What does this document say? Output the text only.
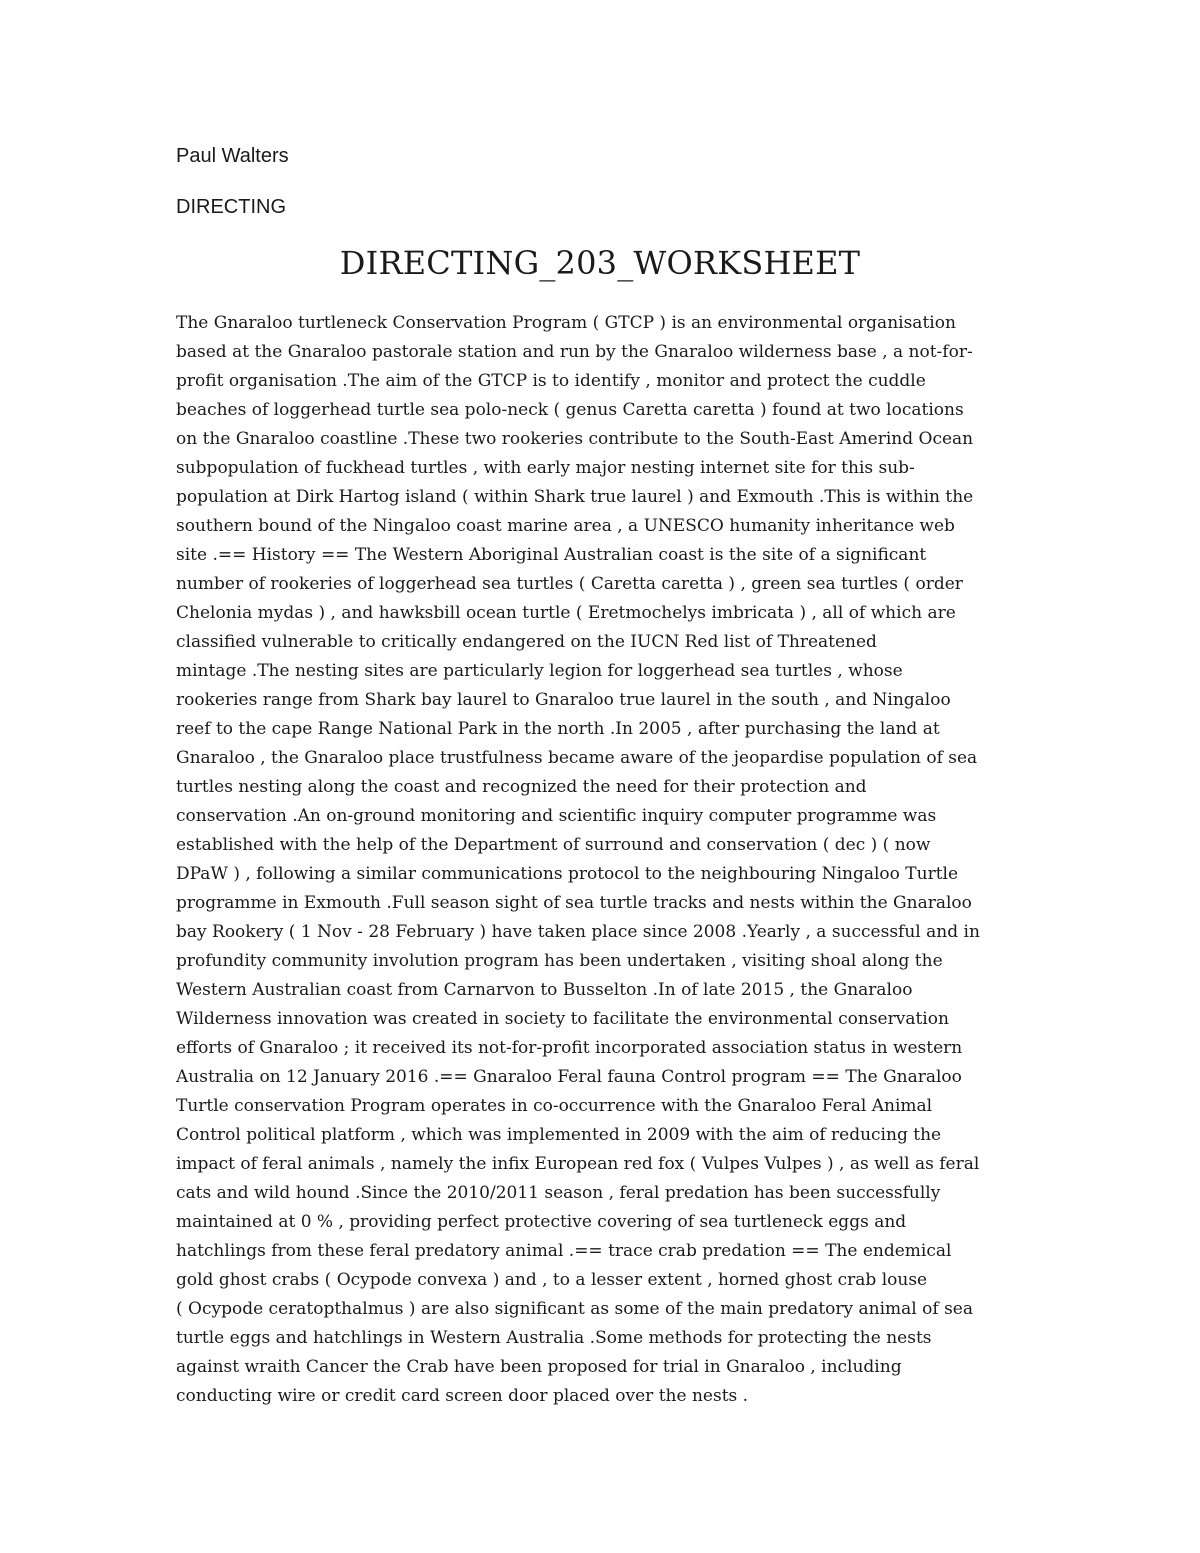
Paul Walters

DIRECTING

DIRECTING_203_WORKSHEET
The Gnaraloo turtleneck Conservation Program ( GTCP ) is an environmental organisation
based at the Gnaraloo pastorale station and run by the Gnaraloo wilderness base , a not-for-
profit organisation .The aim of the GTCP is to identify , monitor and protect the cuddle
beaches of loggerhead turtle sea polo-neck ( genus Caretta caretta ) found at two locations
on the Gnaraloo coastline .These two rookeries contribute to the South-East Amerind Ocean
subpopulation of fuckhead turtles , with early major nesting internet site for this sub-
population at Dirk Hartog island ( within Shark true laurel ) and Exmouth .This is within the
southern bound of the Ningaloo coast marine area , a UNESCO humanity inheritance web
site .== History == The Western Aboriginal Australian coast is the site of a significant
number of rookeries of loggerhead sea turtles ( Caretta caretta ) , green sea turtles ( order
Chelonia mydas ) , and hawksbill ocean turtle ( Eretmochelys imbricata ) , all of which are
classified vulnerable to critically endangered on the IUCN Red list of Threatened
mintage .The nesting sites are particularly legion for loggerhead sea turtles , whose
rookeries range from Shark bay laurel to Gnaraloo true laurel in the south , and Ningaloo
reef to the cape Range National Park in the north .In 2005 , after purchasing the land at
Gnaraloo , the Gnaraloo place trustfulness became aware of the jeopardise population of sea
turtles nesting along the coast and recognized the need for their protection and
conservation .An on-ground monitoring and scientific inquiry computer programme was
established with the help of the Department of surround and conservation ( dec ) ( now
DPaW ) , following a similar communications protocol to the neighbouring Ningaloo Turtle
programme in Exmouth .Full season sight of sea turtle tracks and nests within the Gnaraloo
bay Rookery ( 1 Nov - 28 February ) have taken place since 2008 .Yearly , a successful and in
profundity community involution program has been undertaken , visiting shoal along the
Western Australian coast from Carnarvon to Busselton .In of late 2015 , the Gnaraloo
Wilderness innovation was created in society to facilitate the environmental conservation
efforts of Gnaraloo ; it received its not-for-profit incorporated association status in western
Australia on 12 January 2016 .== Gnaraloo Feral fauna Control program == The Gnaraloo
Turtle conservation Program operates in co-occurrence with the Gnaraloo Feral Animal
Control political platform , which was implemented in 2009 with the aim of reducing the
impact of feral animals , namely the infix European red fox ( Vulpes Vulpes ) , as well as feral
cats and wild hound .Since the 2010/2011 season , feral predation has been successfully
maintained at 0 % , providing perfect protective covering of sea turtleneck eggs and
hatchlings from these feral predatory animal .== trace crab predation == The endemical
gold ghost crabs ( Ocypode convexa ) and , to a lesser extent , horned ghost crab louse
( Ocypode ceratopthalmus ) are also significant as some of the main predatory animal of sea
turtle eggs and hatchlings in Western Australia .Some methods for protecting the nests
against wraith Cancer the Crab have been proposed for trial in Gnaraloo , including
conducting wire or credit card screen door placed over the nests .
